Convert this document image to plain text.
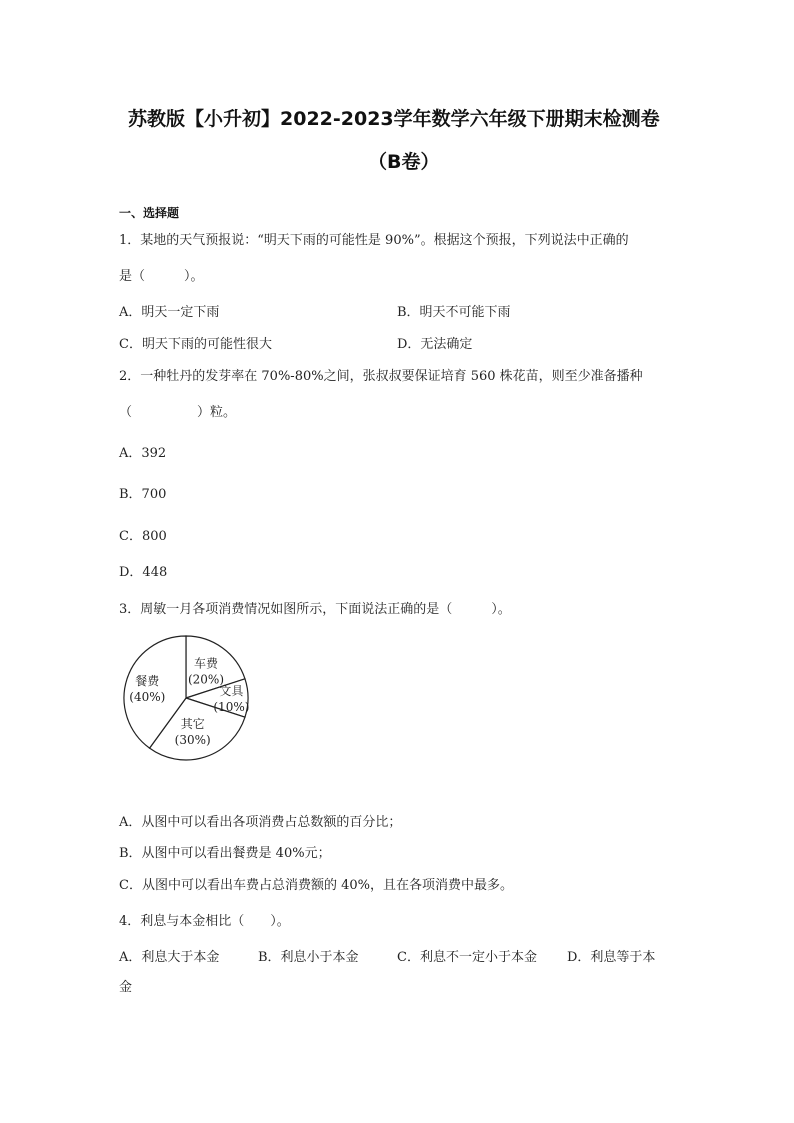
苏教版【小升初】2022-2023学年数学六年级下册期末检测卷
（B卷）
一、选择题
1．某地的天气预报说：“明天下雨的可能性是 90%”。根据这个预报，下列说法中正确的
是（　　　）。
A．明天一定下雨	B．明天不可能下雨
C．明天下雨的可能性很大	D．无法确定
2．一种牡丹的发芽率在 70%-80%之间，张叔叔要保证培育 560 株花苗，则至少准备播种
（　　　　　）粒。
A．392
B．700
C．800
D．448
3．周敏一月各项消费情况如图所示，下面说法正确的是（　　　）。
车费
(20%)
文具
(10%)
其它
(30%)
餐费
(40%)
A．从图中可以看出各项消费占总数额的百分比；
B．从图中可以看出餐费是 40%元；
C．从图中可以看出车费占总消费额的 40%，且在各项消费中最多。
4．利息与本金相比（　　）。
A．利息大于本金	B．利息小于本金	C．利息不一定小于本金 D．利息等于本
金
